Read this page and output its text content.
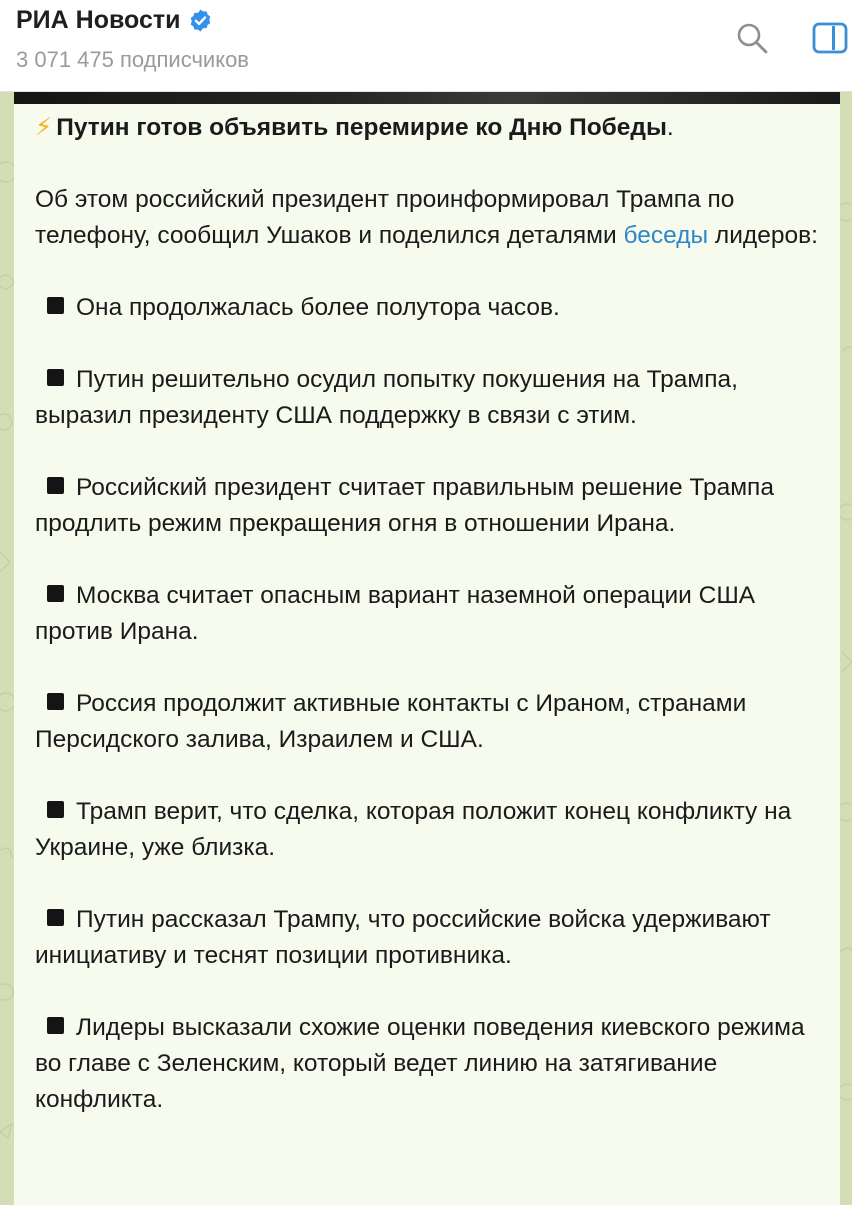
РИА Новости
3 071 475 подписчиков

⚡ Путин готов объявить перемирие ко Дню Победы.

Об этом российский президент проинформировал Трампа по телефону, сообщил Ушаков и поделился деталями беседы лидеров:

Она продолжалась более полутора часов.

Путин решительно осудил попытку покушения на Трампа, выразил президенту США поддержку в связи с этим.

Российский президент считает правильным решение Трампа продлить режим прекращения огня в отношении Ирана.

Москва считает опасным вариант наземной операции США против Ирана.

Россия продолжит активные контакты с Ираном, странами Персидского залива, Израилем и США.

Трамп верит, что сделка, которая положит конец конфликту на Украине, уже близка.

Путин рассказал Трампу, что российские войска удерживают инициативу и теснят позиции противника.

Лидеры высказали схожие оценки поведения киевского режима во главе с Зеленским, который ведет линию на затягивание конфликта.
